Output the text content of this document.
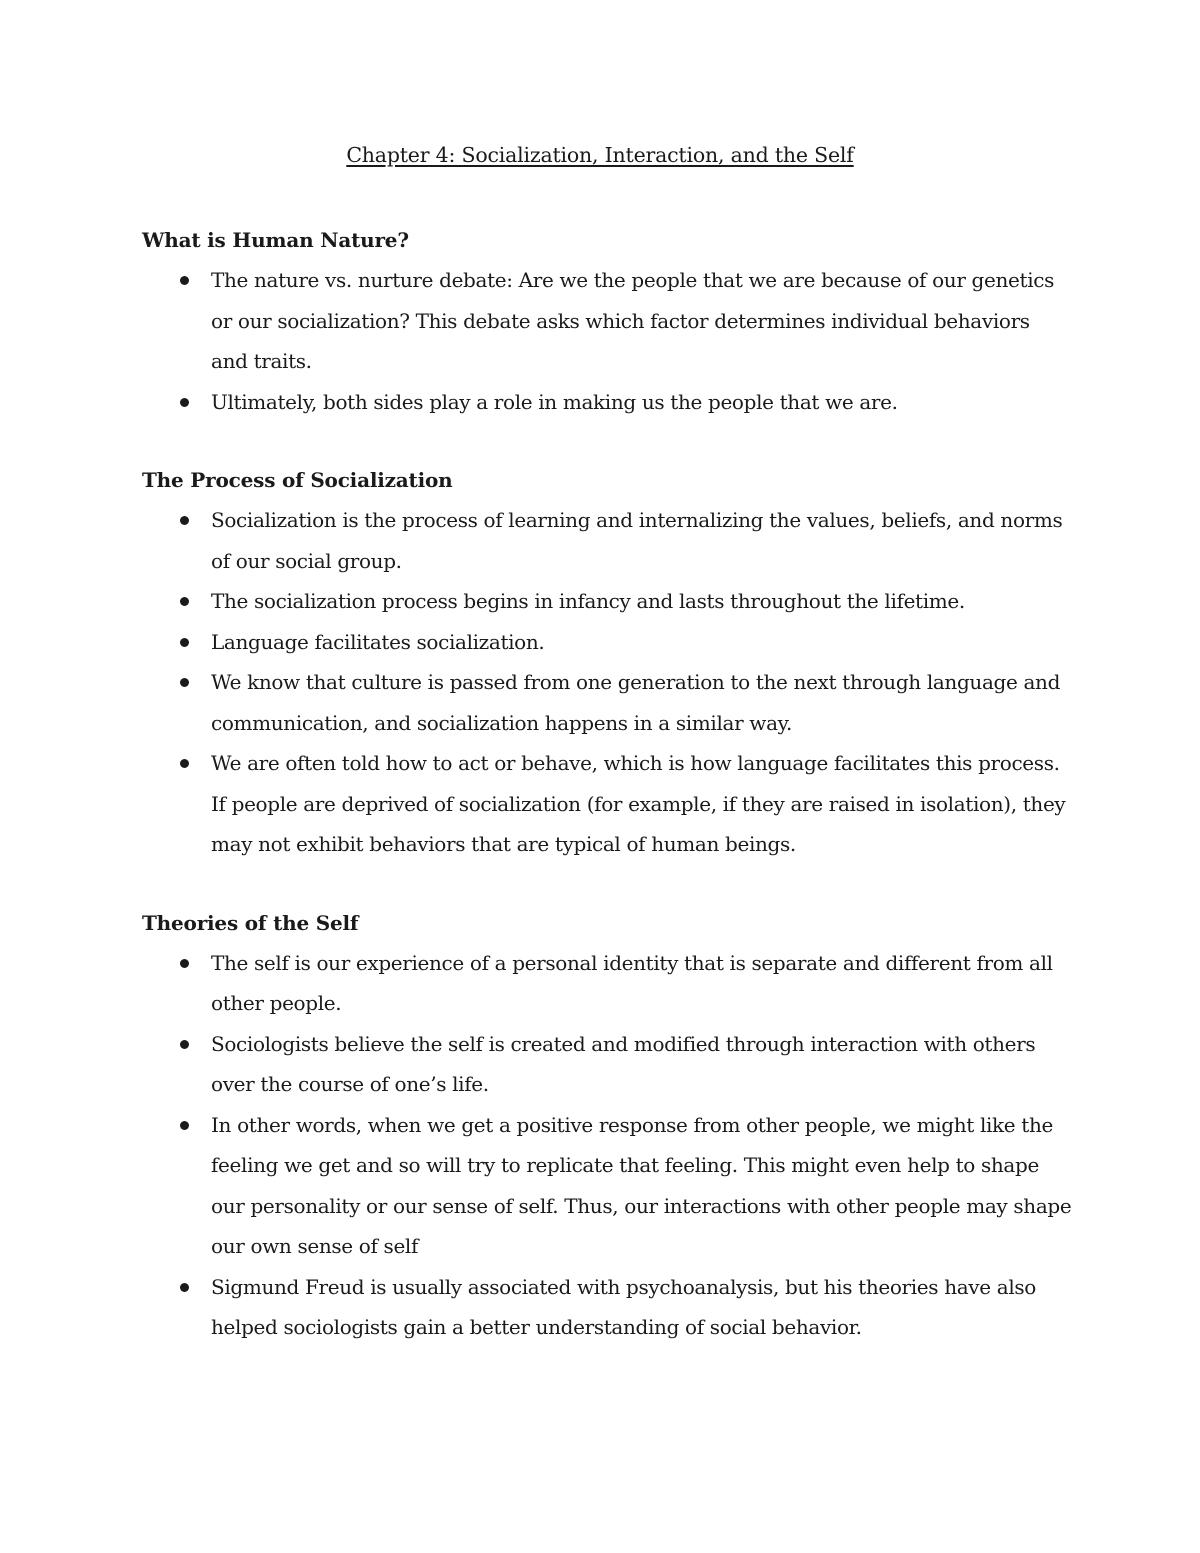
Chapter 4: Socialization, Interaction, and the Self
What is Human Nature?
The nature vs. nurture debate: Are we the people that we are because of our genetics or our socialization? This debate asks which factor determines individual behaviors and traits.
Ultimately, both sides play a role in making us the people that we are.
The Process of Socialization
Socialization is the process of learning and internalizing the values, beliefs, and norms of our social group.
The socialization process begins in infancy and lasts throughout the lifetime.
Language facilitates socialization.
We know that culture is passed from one generation to the next through language and communication, and socialization happens in a similar way.
We are often told how to act or behave, which is how language facilitates this process. If people are deprived of socialization (for example, if they are raised in isolation), they may not exhibit behaviors that are typical of human beings.
Theories of the Self
The self is our experience of a personal identity that is separate and different from all other people.
Sociologists believe the self is created and modified through interaction with others over the course of one’s life.
In other words, when we get a positive response from other people, we might like the feeling we get and so will try to replicate that feeling. This might even help to shape our personality or our sense of self. Thus, our interactions with other people may shape our own sense of self
Sigmund Freud is usually associated with psychoanalysis, but his theories have also helped sociologists gain a better understanding of social behavior.
